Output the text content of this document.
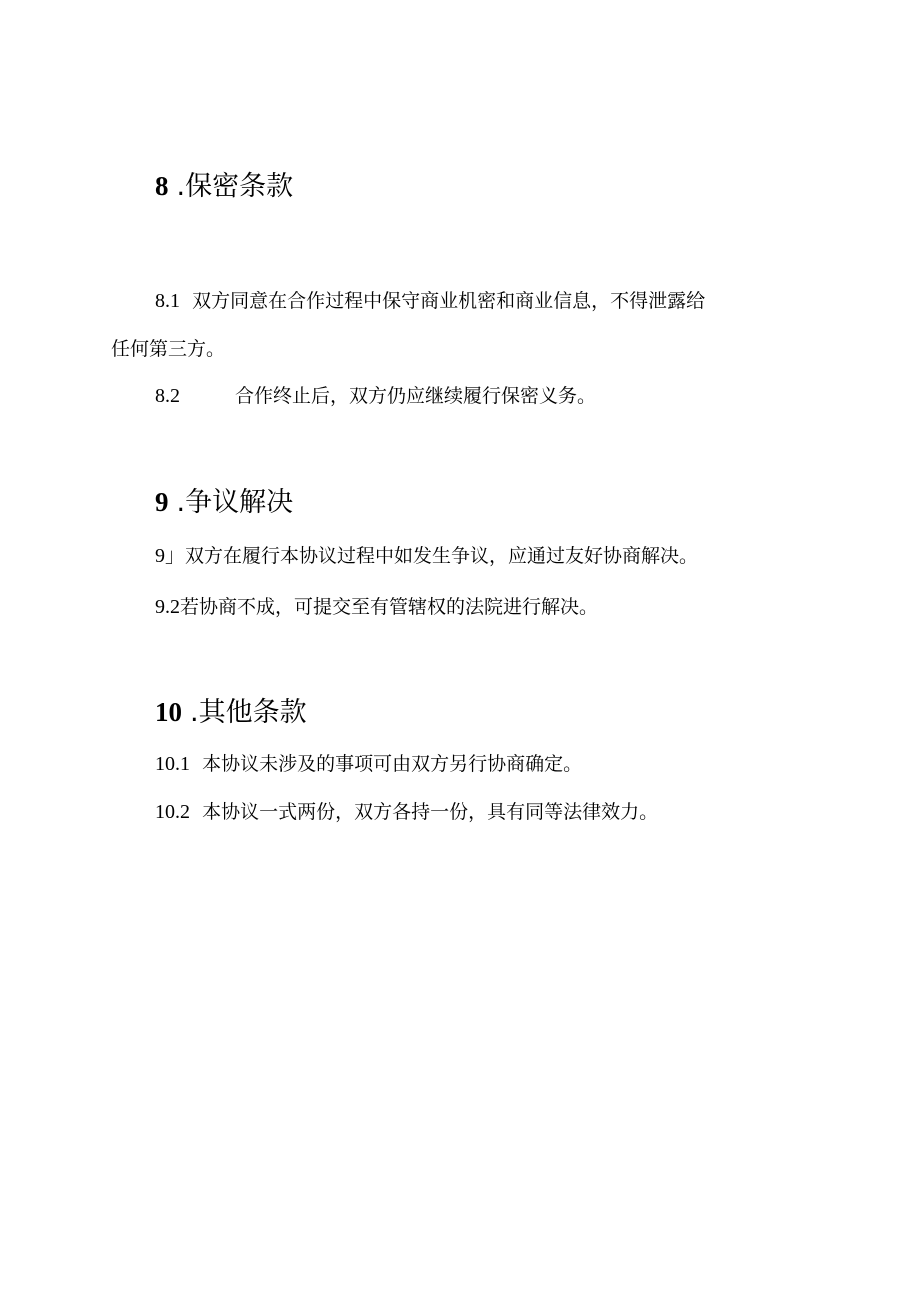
8 .保密条款

8.1 双方同意在合作过程中保守商业机密和商业信息，不得泄露给

任何第三方。

8.2	合作终止后，双方仍应继续履行保密义务。

9 .争议解决

9」双方在履行本协议过程中如发生争议，应通过友好协商解决。

9.2若协商不成，可提交至有管辖权的法院进行解决。

10 .其他条款

10.1 本协议未涉及的事项可由双方另行协商确定。

10.2 本协议一式两份，双方各持一份，具有同等法律效力。
